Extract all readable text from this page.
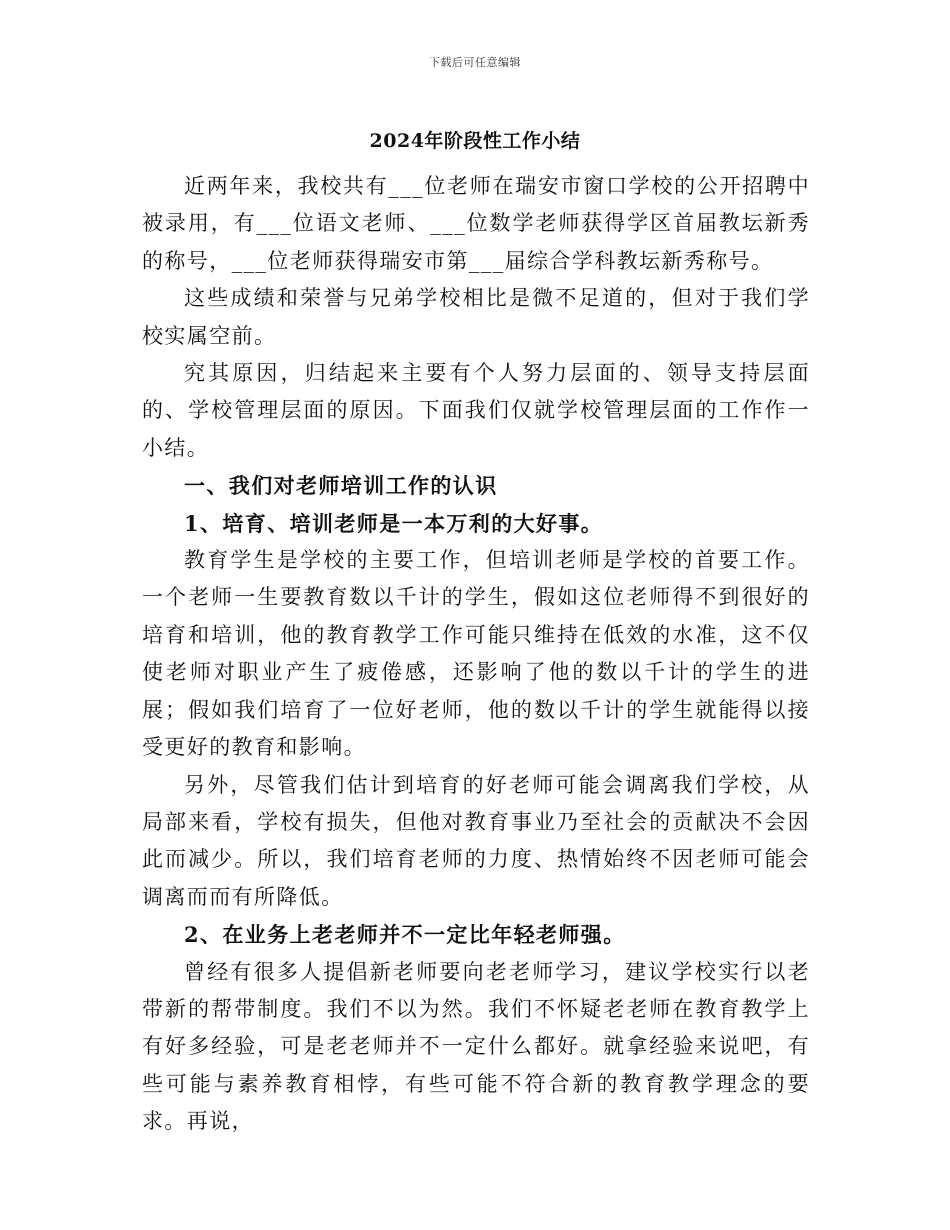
下载后可任意编辑
2024年阶段性工作小结

近两年来，我校共有___位老师在瑞安市窗口学校的公开招聘中被录用，有___位语文老师、___位数学老师获得学区首届教坛新秀的称号，___位老师获得瑞安市第___届综合学科教坛新秀称号。

这些成绩和荣誉与兄弟学校相比是微不足道的，但对于我们学校实属空前。

究其原因，归结起来主要有个人努力层面的、领导支持层面的、学校管理层面的原因。下面我们仅就学校管理层面的工作作一小结。

一、我们对老师培训工作的认识

1、培育、培训老师是一本万利的大好事。

教育学生是学校的主要工作，但培训老师是学校的首要工作。一个老师一生要教育数以千计的学生，假如这位老师得不到很好的培育和培训，他的教育教学工作可能只维持在低效的水准，这不仅使老师对职业产生了疲倦感，还影响了他的数以千计的学生的进展；假如我们培育了一位好老师，他的数以千计的学生就能得以接受更好的教育和影响。

另外，尽管我们估计到培育的好老师可能会调离我们学校，从局部来看，学校有损失，但他对教育事业乃至社会的贡献决不会因此而减少。所以，我们培育老师的力度、热情始终不因老师可能会调离而而有所降低。

2、在业务上老老师并不一定比年轻老师强。

曾经有很多人提倡新老师要向老老师学习，建议学校实行以老带新的帮带制度。我们不以为然。我们不怀疑老老师在教育教学上有好多经验，可是老老师并不一定什么都好。就拿经验来说吧，有些可能与素养教育相悖，有些可能不符合新的教育教学理念的要求。再说，
